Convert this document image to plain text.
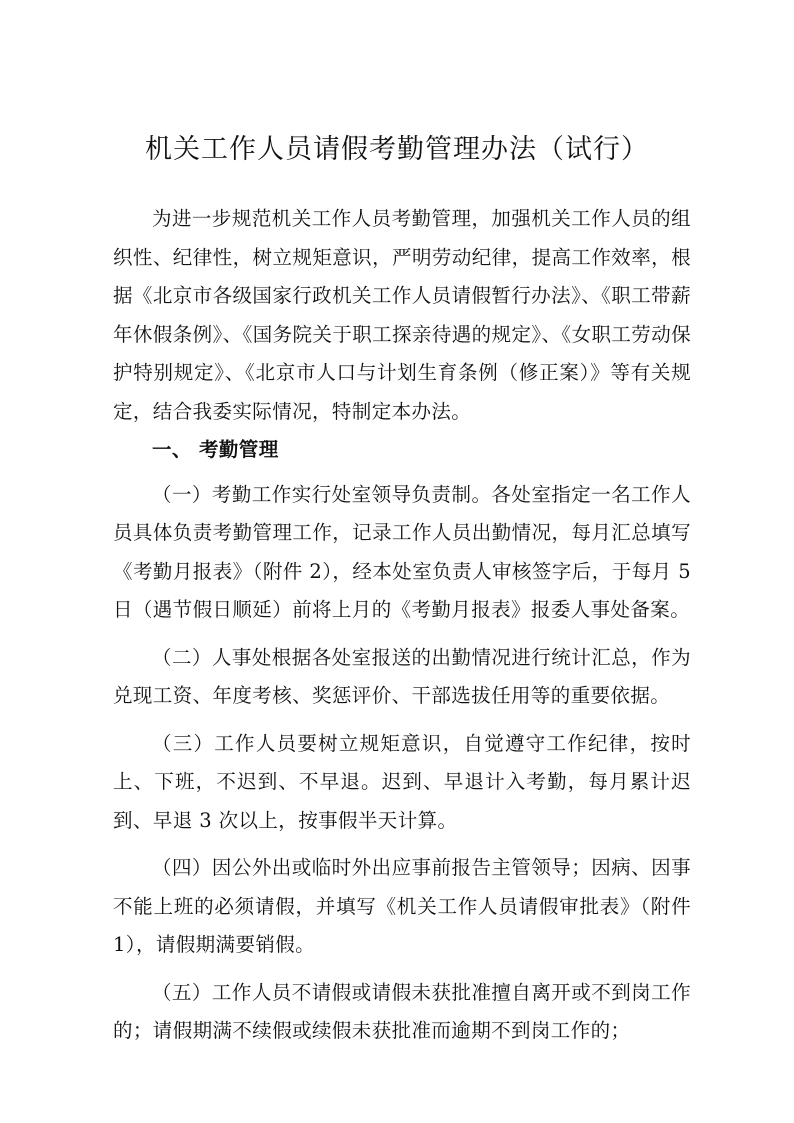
机关工作人员请假考勤管理办法（试行）

为进一步规范机关工作人员考勤管理，加强机关工作人员的组织性、纪律性，树立规矩意识，严明劳动纪律，提高工作效率，根据《北京市各级国家行政机关工作人员请假暂行办法》、《职工带薪年休假条例》、《国务院关于职工探亲待遇的规定》、《女职工劳动保护特别规定》、《北京市人口与计划生育条例（修正案）》等有关规定，结合我委实际情况，特制定本办法。

一、 考勤管理

（一）考勤工作实行处室领导负责制。各处室指定一名工作人员具体负责考勤管理工作，记录工作人员出勤情况，每月汇总填写《考勤月报表》（附件 2），经本处室负责人审核签字后，于每月 5 日（遇节假日顺延）前将上月的《考勤月报表》报委人事处备案。

（二）人事处根据各处室报送的出勤情况进行统计汇总，作为兑现工资、年度考核、奖惩评价、干部选拔任用等的重要依据。

（三）工作人员要树立规矩意识，自觉遵守工作纪律，按时上、下班，不迟到、不早退。迟到、早退计入考勤，每月累计迟到、早退 3 次以上，按事假半天计算。

（四）因公外出或临时外出应事前报告主管领导；因病、因事不能上班的必须请假，并填写《机关工作人员请假审批表》（附件 1），请假期满要销假。

（五）工作人员不请假或请假未获批准擅自离开或不到岗工作的；请假期满不续假或续假未获批准而逾期不到岗工作的；
